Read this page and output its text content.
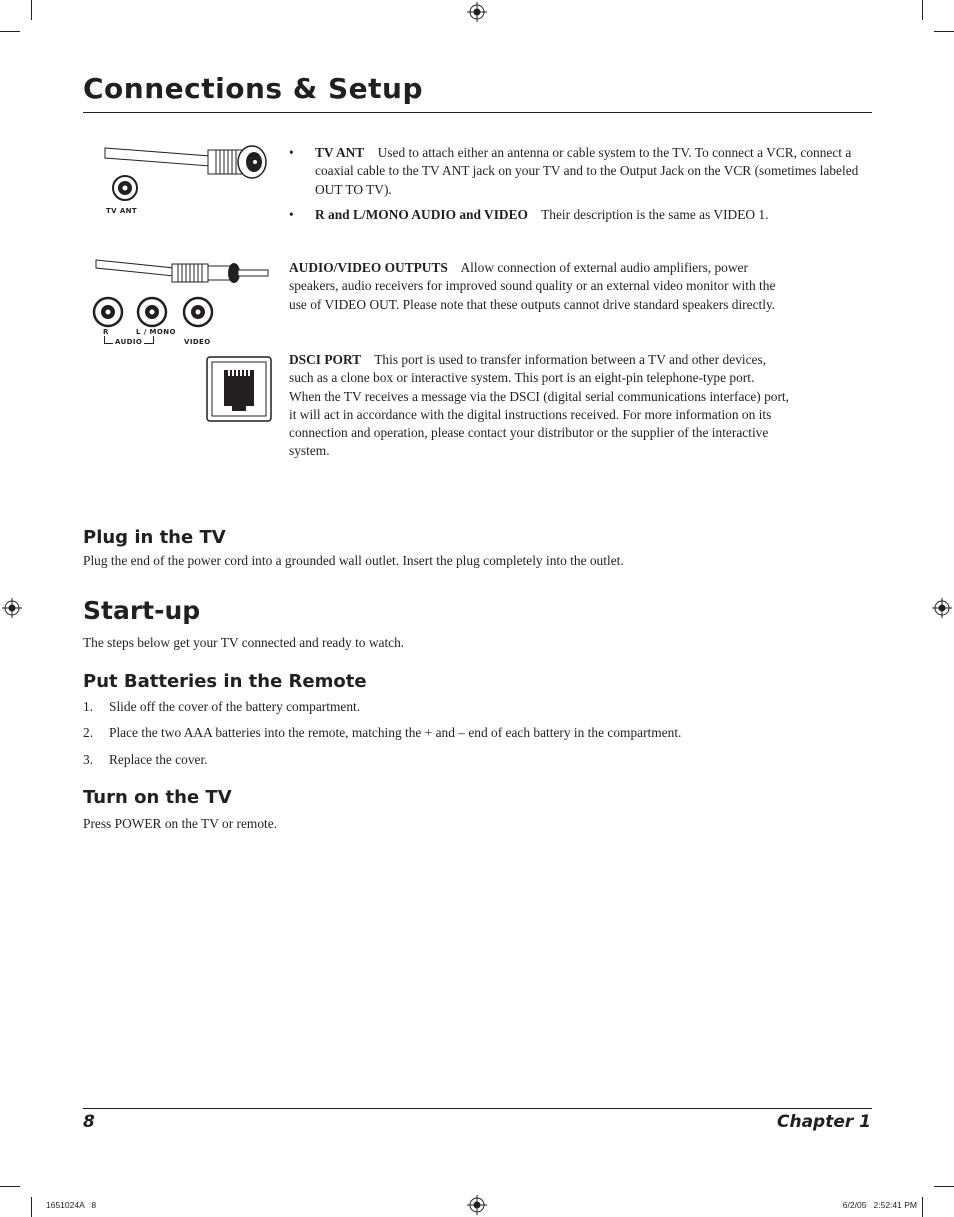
Connections & Setup
TV ANT
• TV ANT Used to attach either an antenna or cable system to the TV. To connect a VCR, connect a coaxial cable to the TV ANT jack on your TV and to the Output Jack on the VCR (sometimes labeled OUT TO TV).
• R and L/MONO AUDIO and VIDEO Their description is the same as VIDEO 1.
R	L / MONO
AUDIO	VIDEO
AUDIO/VIDEO OUTPUTS Allow connection of external audio amplifiers, power
speakers, audio receivers for improved sound quality or an external video monitor with the
use of VIDEO OUT. Please note that these outputs cannot drive standard speakers directly.
DSCI PORT This port is used to transfer information between a TV and other devices,
such as a clone box or interactive system. This port is an eight-pin telephone-type port.
When the TV receives a message via the DSCI (digital serial communications interface) port,
it will act in accordance with the digital instructions received. For more information on its
connection and operation, please contact your distributor or the supplier of the interactive
system.
Plug in the TV
Plug the end of the power cord into a grounded wall outlet. Insert the plug completely into the outlet.
Start-up
The steps below get your TV connected and ready to watch.
Put Batteries in the Remote
1. Slide off the cover of the battery compartment.
2. Place the two AAA batteries into the remote, matching the + and – end of each battery in the compartment.
3. Replace the cover.
Turn on the TV
Press POWER on the TV or remote.
8	Chapter 1
1651024A   8	6/2/05   2:52:41 PM
